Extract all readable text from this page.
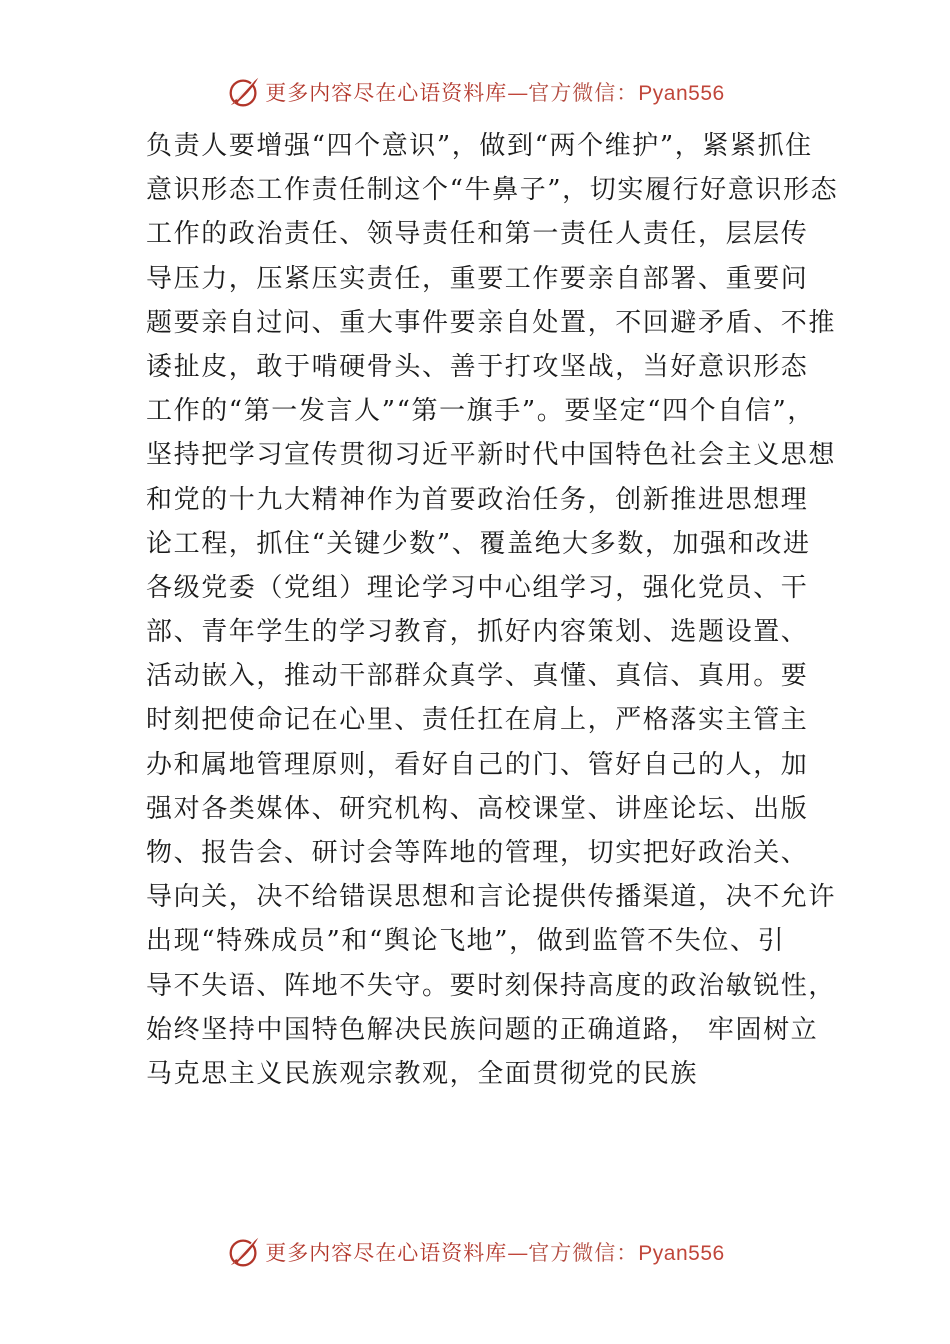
更多内容尽在心语资料库—官方微信：Pyan556
负责人要增强“四个意识”，做到“两个维护”，紧紧抓住
意识形态工作责任制这个“牛鼻子”，切实履行好意识形态
工作的政治责任、领导责任和第一责任人责任，层层传
导压力，压紧压实责任，重要工作要亲自部署、重要问
题要亲自过问、重大事件要亲自处置，不回避矛盾、不推
诿扯皮，敢于啃硬骨头、善于打攻坚战，当好意识形态
工作的“第一发言人”“第一旗手”。要坚定“四个自信”，
坚持把学习宣传贯彻习近平新时代中国特色社会主义思想
和党的十九大精神作为首要政治任务，创新推进思想理
论工程，抓住“关键少数”、覆盖绝大多数，加强和改进
各级党委（党组）理论学习中心组学习，强化党员、干
部、青年学生的学习教育，抓好内容策划、选题设置、
活动嵌入，推动干部群众真学、真懂、真信、真用。要
时刻把使命记在心里、责任扛在肩上，严格落实主管主
办和属地管理原则，看好自己的门、管好自己的人，加
强对各类媒体、研究机构、高校课堂、讲座论坛、出版
物、报告会、研讨会等阵地的管理，切实把好政治关、
导向关，决不给错误思想和言论提供传播渠道，决不允许
出现“特殊成员”和“舆论飞地”，做到监管不失位、引
导不失语、阵地不失守。要时刻保持高度的政治敏锐性，
始终坚持中国特色解决民族问题的正确道路， 牢固树立
马克思主义民族观宗教观，全面贯彻党的民族
更多内容尽在心语资料库—官方微信：Pyan556
